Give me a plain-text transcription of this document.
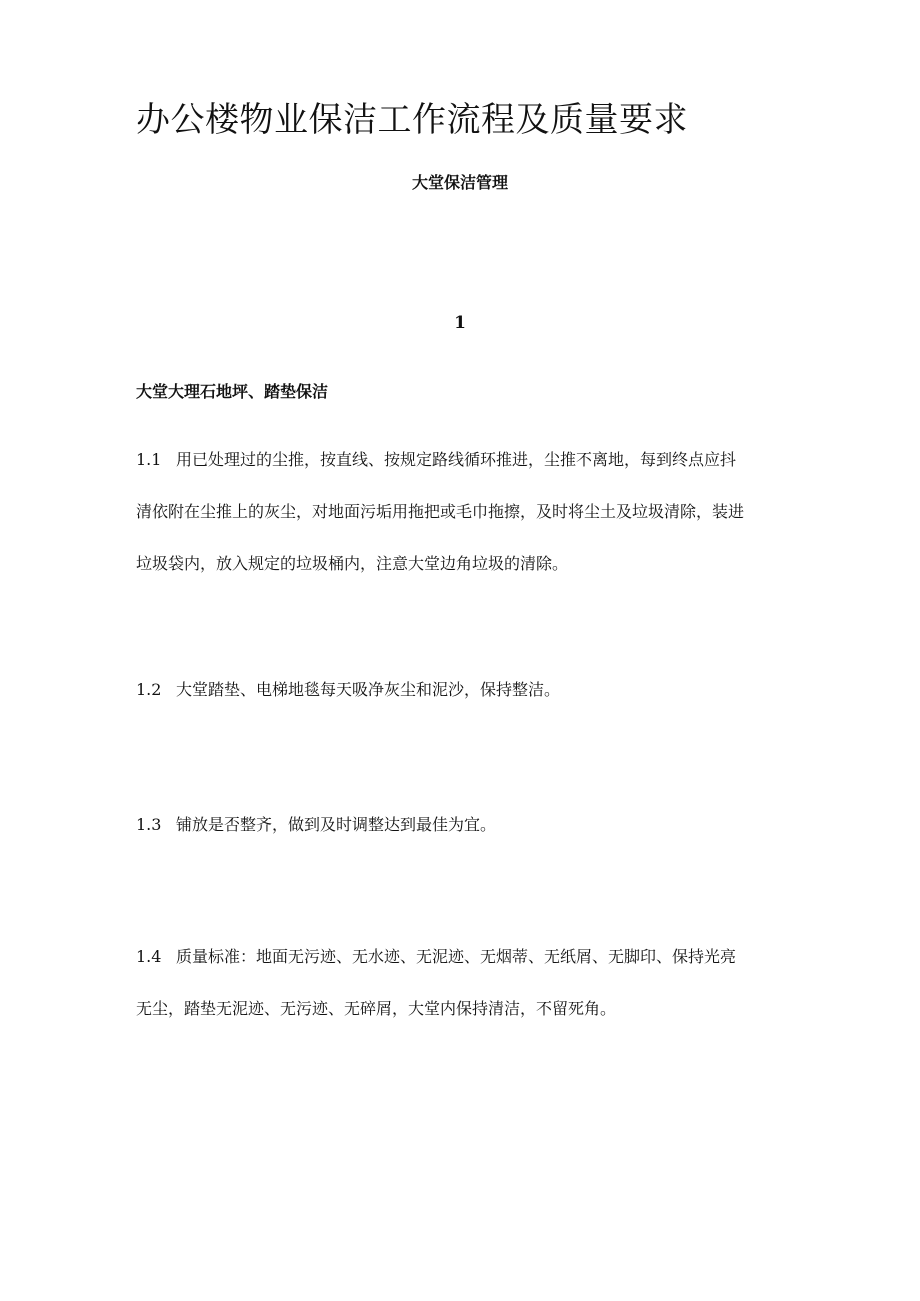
办公楼物业保洁工作流程及质量要求
大堂保洁管理
1
大堂大理石地坪、踏垫保洁
1.1 用已处理过的尘推，按直线、按规定路线循环推进，尘推不离地，每到终点应抖
清依附在尘推上的灰尘，对地面污垢用拖把或毛巾拖擦，及时将尘土及垃圾清除，装进
垃圾袋内，放入规定的垃圾桶内，注意大堂边角垃圾的清除。
1.2 大堂踏垫、电梯地毯每天吸净灰尘和泥沙，保持整洁。
1.3 铺放是否整齐，做到及时调整达到最佳为宜。
1.4 质量标准：地面无污迹、无水迹、无泥迹、无烟蒂、无纸屑、无脚印、保持光亮
无尘，踏垫无泥迹、无污迹、无碎屑，大堂内保持清洁，不留死角。
